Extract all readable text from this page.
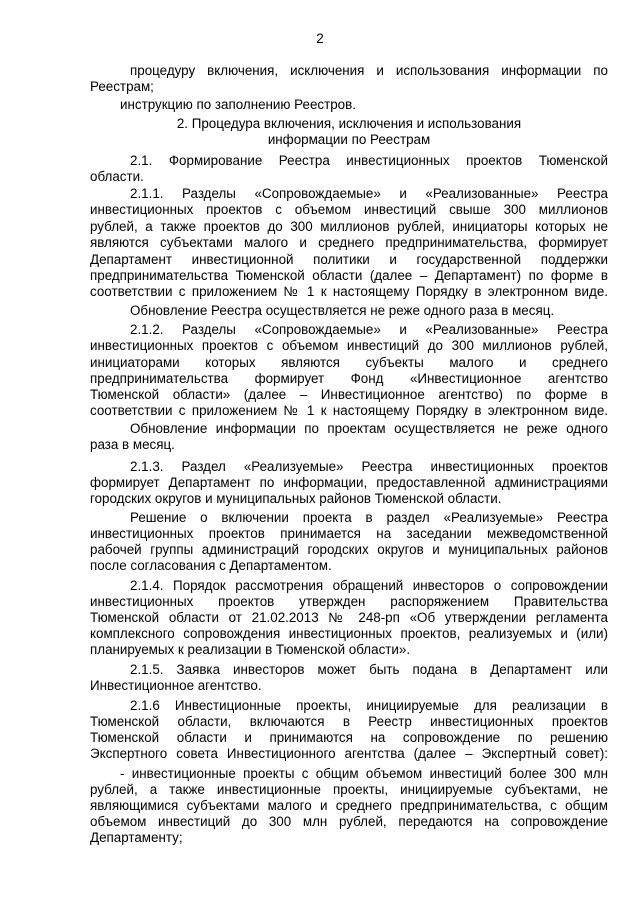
2
процедуру включения, исключения и использования информации по
Реестрам;
инструкцию по заполнению Реестров.
2. Процедура включения, исключения и использования
информации по Реестрам
2.1. Формирование Реестра инвестиционных проектов Тюменской
области.
2.1.1. Разделы «Сопровождаемые» и «Реализованные» Реестра
инвестиционных проектов с объемом инвестиций свыше 300 миллионов
рублей, а также проектов до 300 миллионов рублей, инициаторы которых не
являются субъектами малого и среднего предпринимательства, формирует
Департамент инвестиционной политики и государственной поддержки
предпринимательства Тюменской области (далее – Департамент) по форме в
соответствии с приложением № 1 к настоящему Порядку в электронном виде.
Обновление Реестра осуществляется не реже одного раза в месяц.
2.1.2. Разделы «Сопровождаемые» и «Реализованные» Реестра
инвестиционных проектов с объемом инвестиций до 300 миллионов рублей,
инициаторами которых являются субъекты малого и среднего
предпринимательства формирует Фонд «Инвестиционное агентство
Тюменской области» (далее – Инвестиционное агентство) по форме в
соответствии с приложением № 1 к настоящему Порядку в электронном виде.
Обновление информации по проектам осуществляется не реже одного
раза в месяц.
2.1.3. Раздел «Реализуемые» Реестра инвестиционных проектов
формирует Департамент по информации, предоставленной администрациями
городских округов и муниципальных районов Тюменской области.
Решение о включении проекта в раздел «Реализуемые» Реестра
инвестиционных проектов принимается на заседании межведомственной
рабочей группы администраций городских округов и муниципальных районов
после согласования с Департаментом.
2.1.4. Порядок рассмотрения обращений инвесторов о сопровождении
инвестиционных проектов утвержден распоряжением Правительства
Тюменской области от 21.02.2013 № 248-рп «Об утверждении регламента
комплексного сопровождения инвестиционных проектов, реализуемых и (или)
планируемых к реализации в Тюменской области».
2.1.5. Заявка инвесторов может быть подана в Департамент или
Инвестиционное агентство.
2.1.6 Инвестиционные проекты, инициируемые для реализации в
Тюменской области, включаются в Реестр инвестиционных проектов
Тюменской области и принимаются на сопровождение по решению
Экспертного совета Инвестиционного агентства (далее – Экспертный совет):
- инвестиционные проекты с общим объемом инвестиций более 300 млн
рублей, а также инвестиционные проекты, инициируемые субъектами, не
являющимися субъектами малого и среднего предпринимательства, с общим
объемом инвестиций до 300 млн рублей, передаются на сопровождение
Департаменту;
